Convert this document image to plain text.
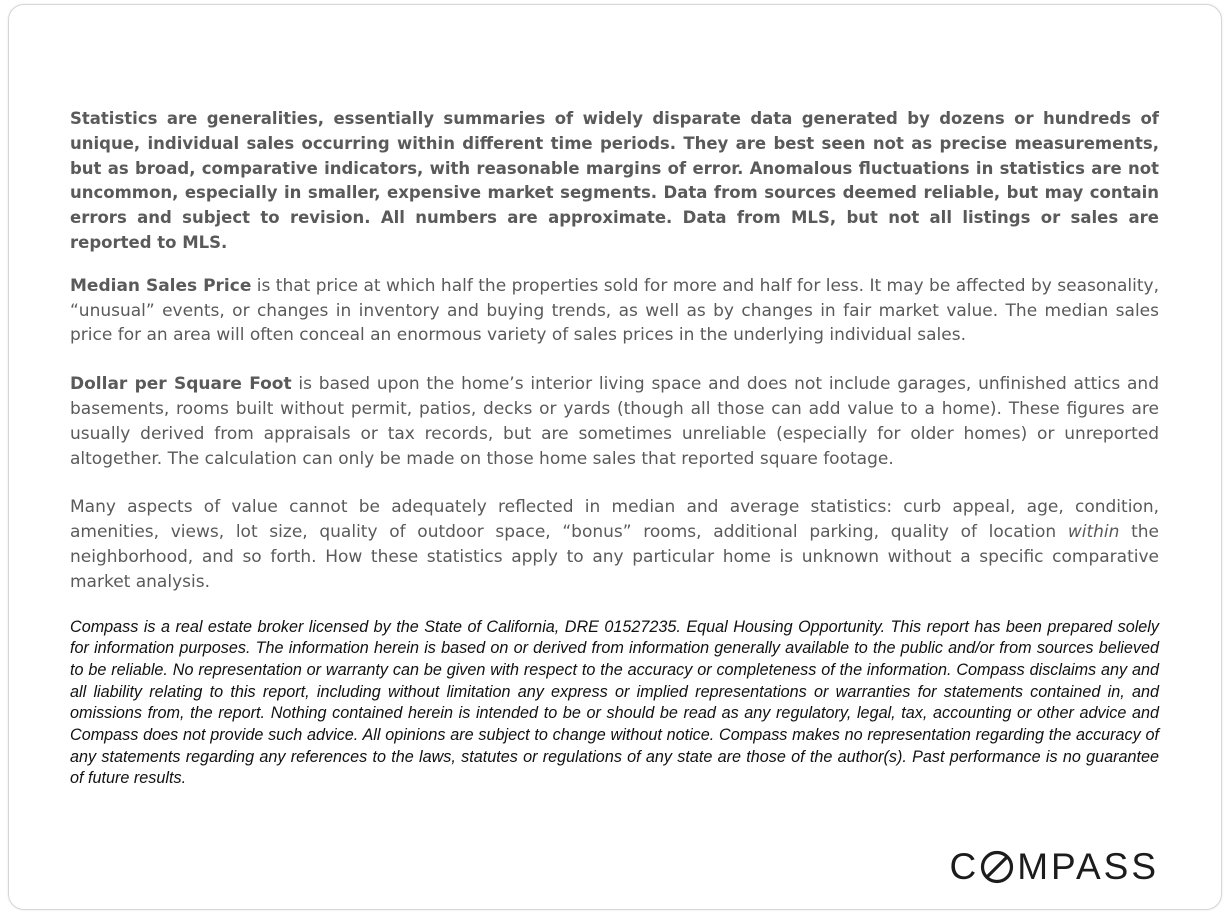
Statistics are generalities, essentially summaries of widely disparate data generated by dozens or hundreds of unique, individual sales occurring within different time periods. They are best seen not as precise measurements, but as broad, comparative indicators, with reasonable margins of error. Anomalous fluctuations in statistics are not uncommon, especially in smaller, expensive market segments. Data from sources deemed reliable, but may contain errors and subject to revision. All numbers are approximate. Data from MLS, but not all listings or sales are reported to MLS.

Median Sales Price is that price at which half the properties sold for more and half for less. It may be affected by seasonality, “unusual” events, or changes in inventory and buying trends, as well as by changes in fair market value. The median sales price for an area will often conceal an enormous variety of sales prices in the underlying individual sales.

Dollar per Square Foot is based upon the home’s interior living space and does not include garages, unfinished attics and basements, rooms built without permit, patios, decks or yards (though all those can add value to a home). These figures are usually derived from appraisals or tax records, but are sometimes unreliable (especially for older homes) or unreported altogether. The calculation can only be made on those home sales that reported square footage.

Many aspects of value cannot be adequately reflected in median and average statistics: curb appeal, age, condition, amenities, views, lot size, quality of outdoor space, “bonus” rooms, additional parking, quality of location within the neighborhood, and so forth. How these statistics apply to any particular home is unknown without a specific comparative market analysis.

Compass is a real estate broker licensed by the State of California, DRE 01527235. Equal Housing Opportunity. This report has been prepared solely for information purposes. The information herein is based on or derived from information generally available to the public and/or from sources believed to be reliable. No representation or warranty can be given with respect to the accuracy or completeness of the information. Compass disclaims any and all liability relating to this report, including without limitation any express or implied representations or warranties for statements contained in, and omissions from, the report. Nothing contained herein is intended to be or should be read as any regulatory, legal, tax, accounting or other advice and Compass does not provide such advice. All opinions are subject to change without notice. Compass makes no representation regarding the accuracy of any statements regarding any references to the laws, statutes or regulations of any state are those of the author(s). Past performance is no guarantee of future results.

C MPASS
